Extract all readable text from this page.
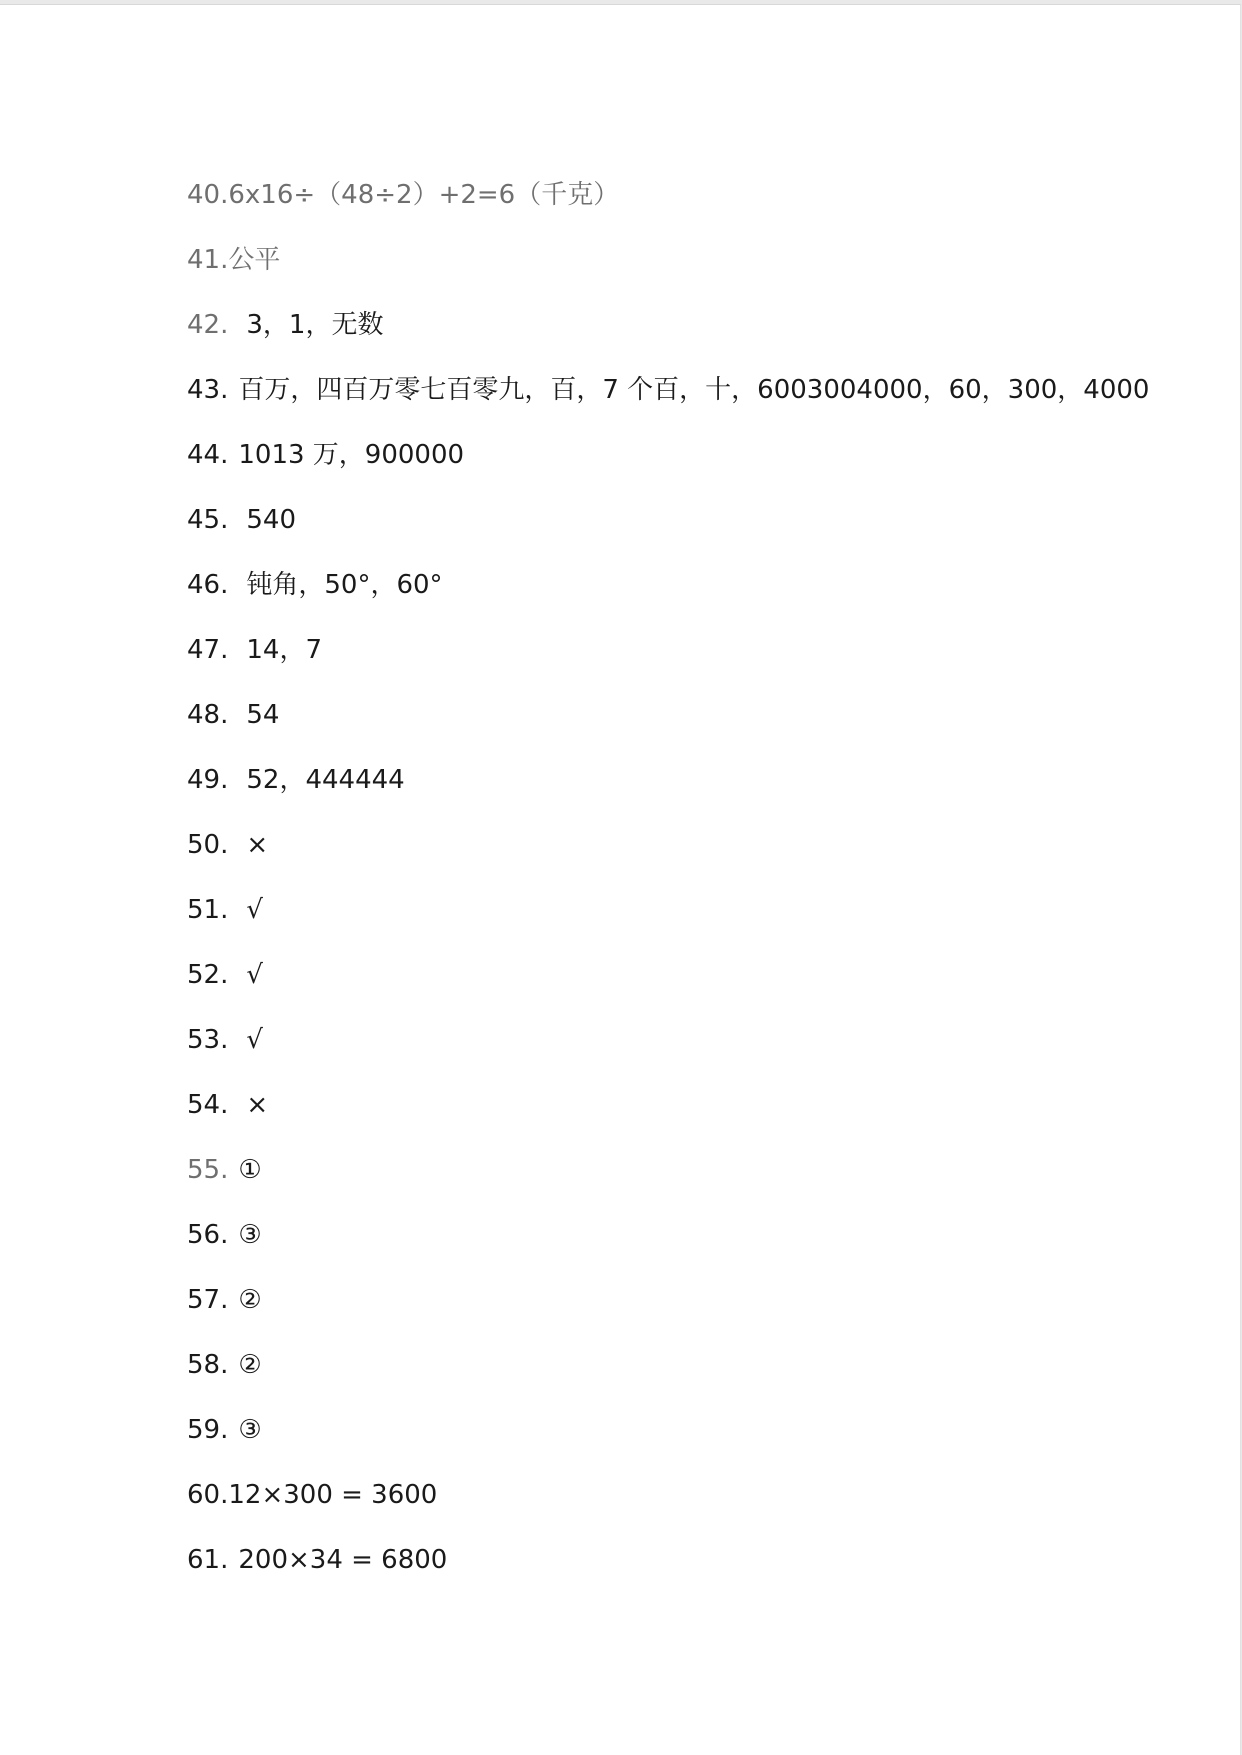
40.6x16÷（48÷2）+2=6（千克）
41.公平
42. 3，1，无数
43. 百万，四百万零七百零九，百，7 个百，十，6003004000，60，300，4000
44. 1013 万，900000
45. 540
46. 钝角，50°，60°
47. 14，7
48. 54
49. 52，444444
50. ×
51. √
52. √
53. √
54. ×
55. ①
56. ③
57. ②
58. ②
59. ③
60.12×300 = 3600
61. 200×34 = 6800
